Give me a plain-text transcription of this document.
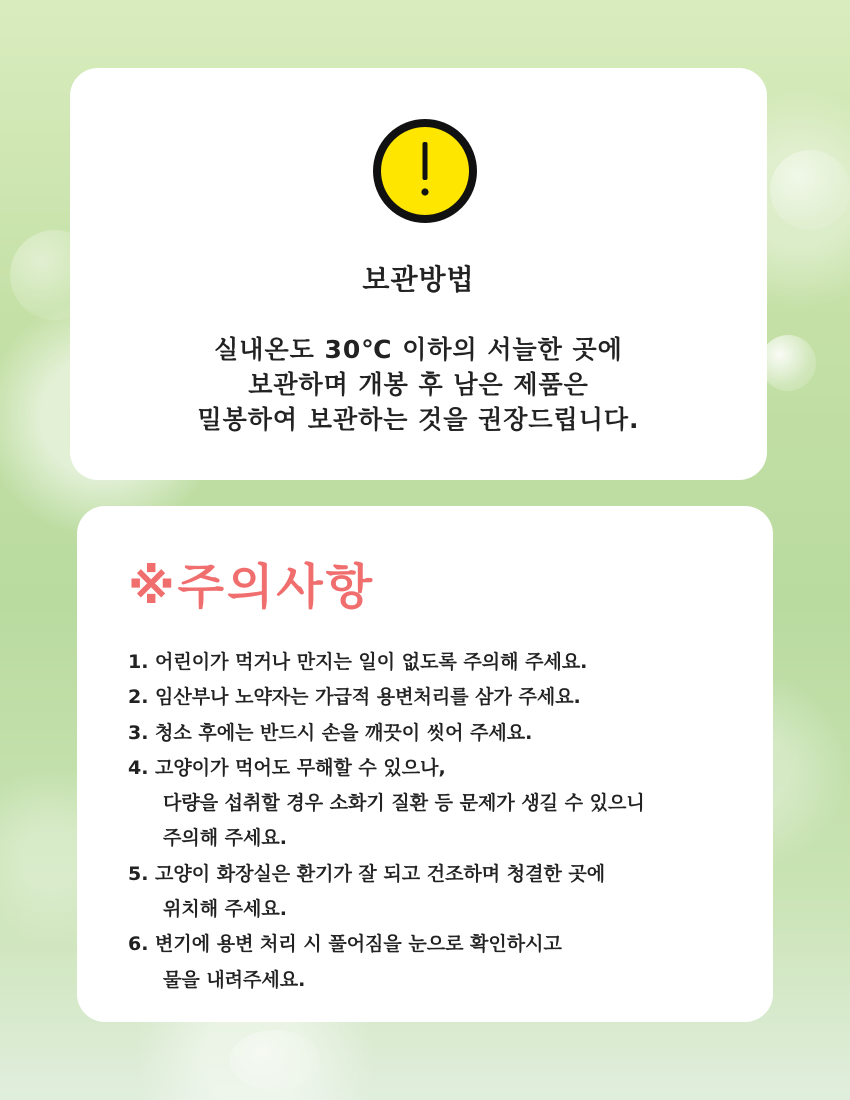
보관방법
실내온도 30℃ 이하의 서늘한 곳에
보관하며 개봉 후 남은 제품은
밀봉하여 보관하는 것을 권장드립니다.
※주의사항
1. 어린이가 먹거나 만지는 일이 없도록 주의해 주세요.
2. 임산부나 노약자는 가급적 용변처리를 삼가 주세요.
3. 청소 후에는 반드시 손을 깨끗이 씻어 주세요.
4. 고양이가 먹어도 무해할 수 있으나,
다량을 섭취할 경우 소화기 질환 등 문제가 생길 수 있으니
주의해 주세요.
5. 고양이 화장실은 환기가 잘 되고 건조하며 청결한 곳에
위치해 주세요.
6. 변기에 용변 처리 시 풀어짐을 눈으로 확인하시고
물을 내려주세요.
